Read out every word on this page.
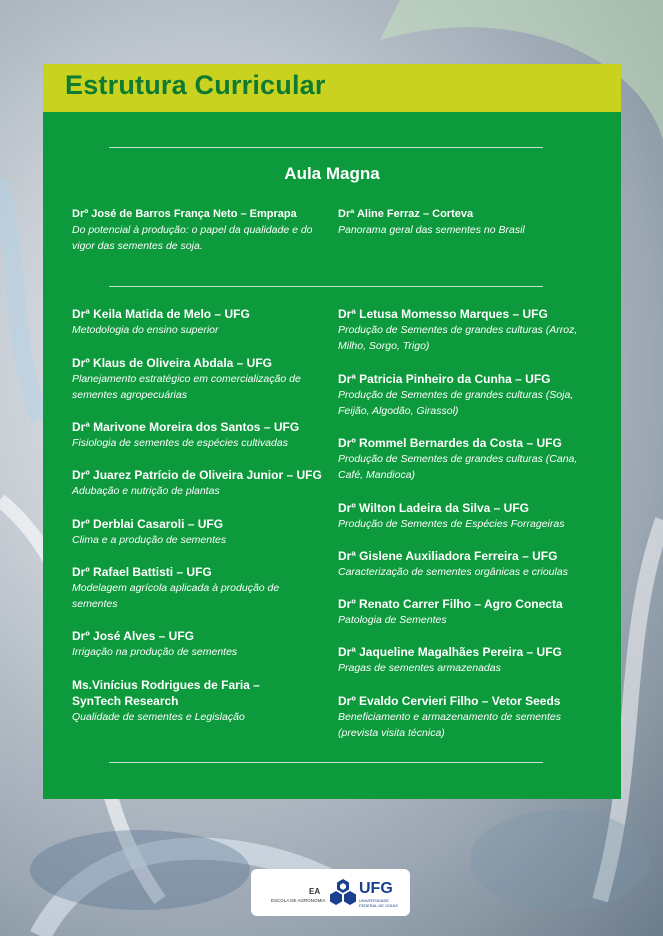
Estrutura Curricular
Aula Magna
Drº José de Barros França Neto – Emprapa
Do potencial à produção: o papel da qualidade e do vigor das sementes de soja.
Drª Aline Ferraz – Corteva
Panorama geral das sementes no Brasil
Drª Keila Matida de Melo – UFG
Metodologia do ensino superior
Drº Klaus de Oliveira Abdala – UFG
Planejamento estratégico em comercialização de sementes agropecuárias
Drª Marivone Moreira dos Santos – UFG
Fisiologia de sementes de espécies cultivadas
Drº Juarez Patrício de Oliveira Junior – UFG
Adubação e nutrição de plantas
Drº Derblai Casaroli – UFG
Clima e a produção de sementes
Drº Rafael Battisti – UFG
Modelagem agrícola aplicada à produção de sementes
Drº José Alves – UFG
Irrigação na produção de sementes
Ms.Vinícius Rodrigues de Faria – SynTech Research
Qualidade de sementes e Legislação
Drª Letusa Momesso Marques – UFG
Produção de Sementes de grandes culturas (Arroz, Milho, Sorgo, Trigo)
Drª Patricia Pinheiro da Cunha – UFG
Produção de Sementes de grandes culturas (Soja, Feijão, Algodão, Girassol)
Drº Rommel Bernardes da Costa – UFG
Produção de Sementes de grandes culturas (Cana, Café, Mandioca)
Drº Wilton Ladeira da Silva – UFG
Produção de Sementes de Espécies Forrageiras
Drª Gislene Auxiliadora Ferreira – UFG
Caracterização de sementes orgânicas e crioulas
Drº Renato Carrer Filho – Agro Conecta
Patologia de Sementes
Drª Jaqueline Magalhães Pereira – UFG
Pragas de sementes armazenadas
Drº Evaldo Cervieri Filho – Vetor Seeds
Beneficiamento e armazenamento de sementes (prevista visita técnica)
EA
ESCOLA DE AGRONOMIA
UFG
UNIVERSIDADE FEDERAL DE GOIÁS
